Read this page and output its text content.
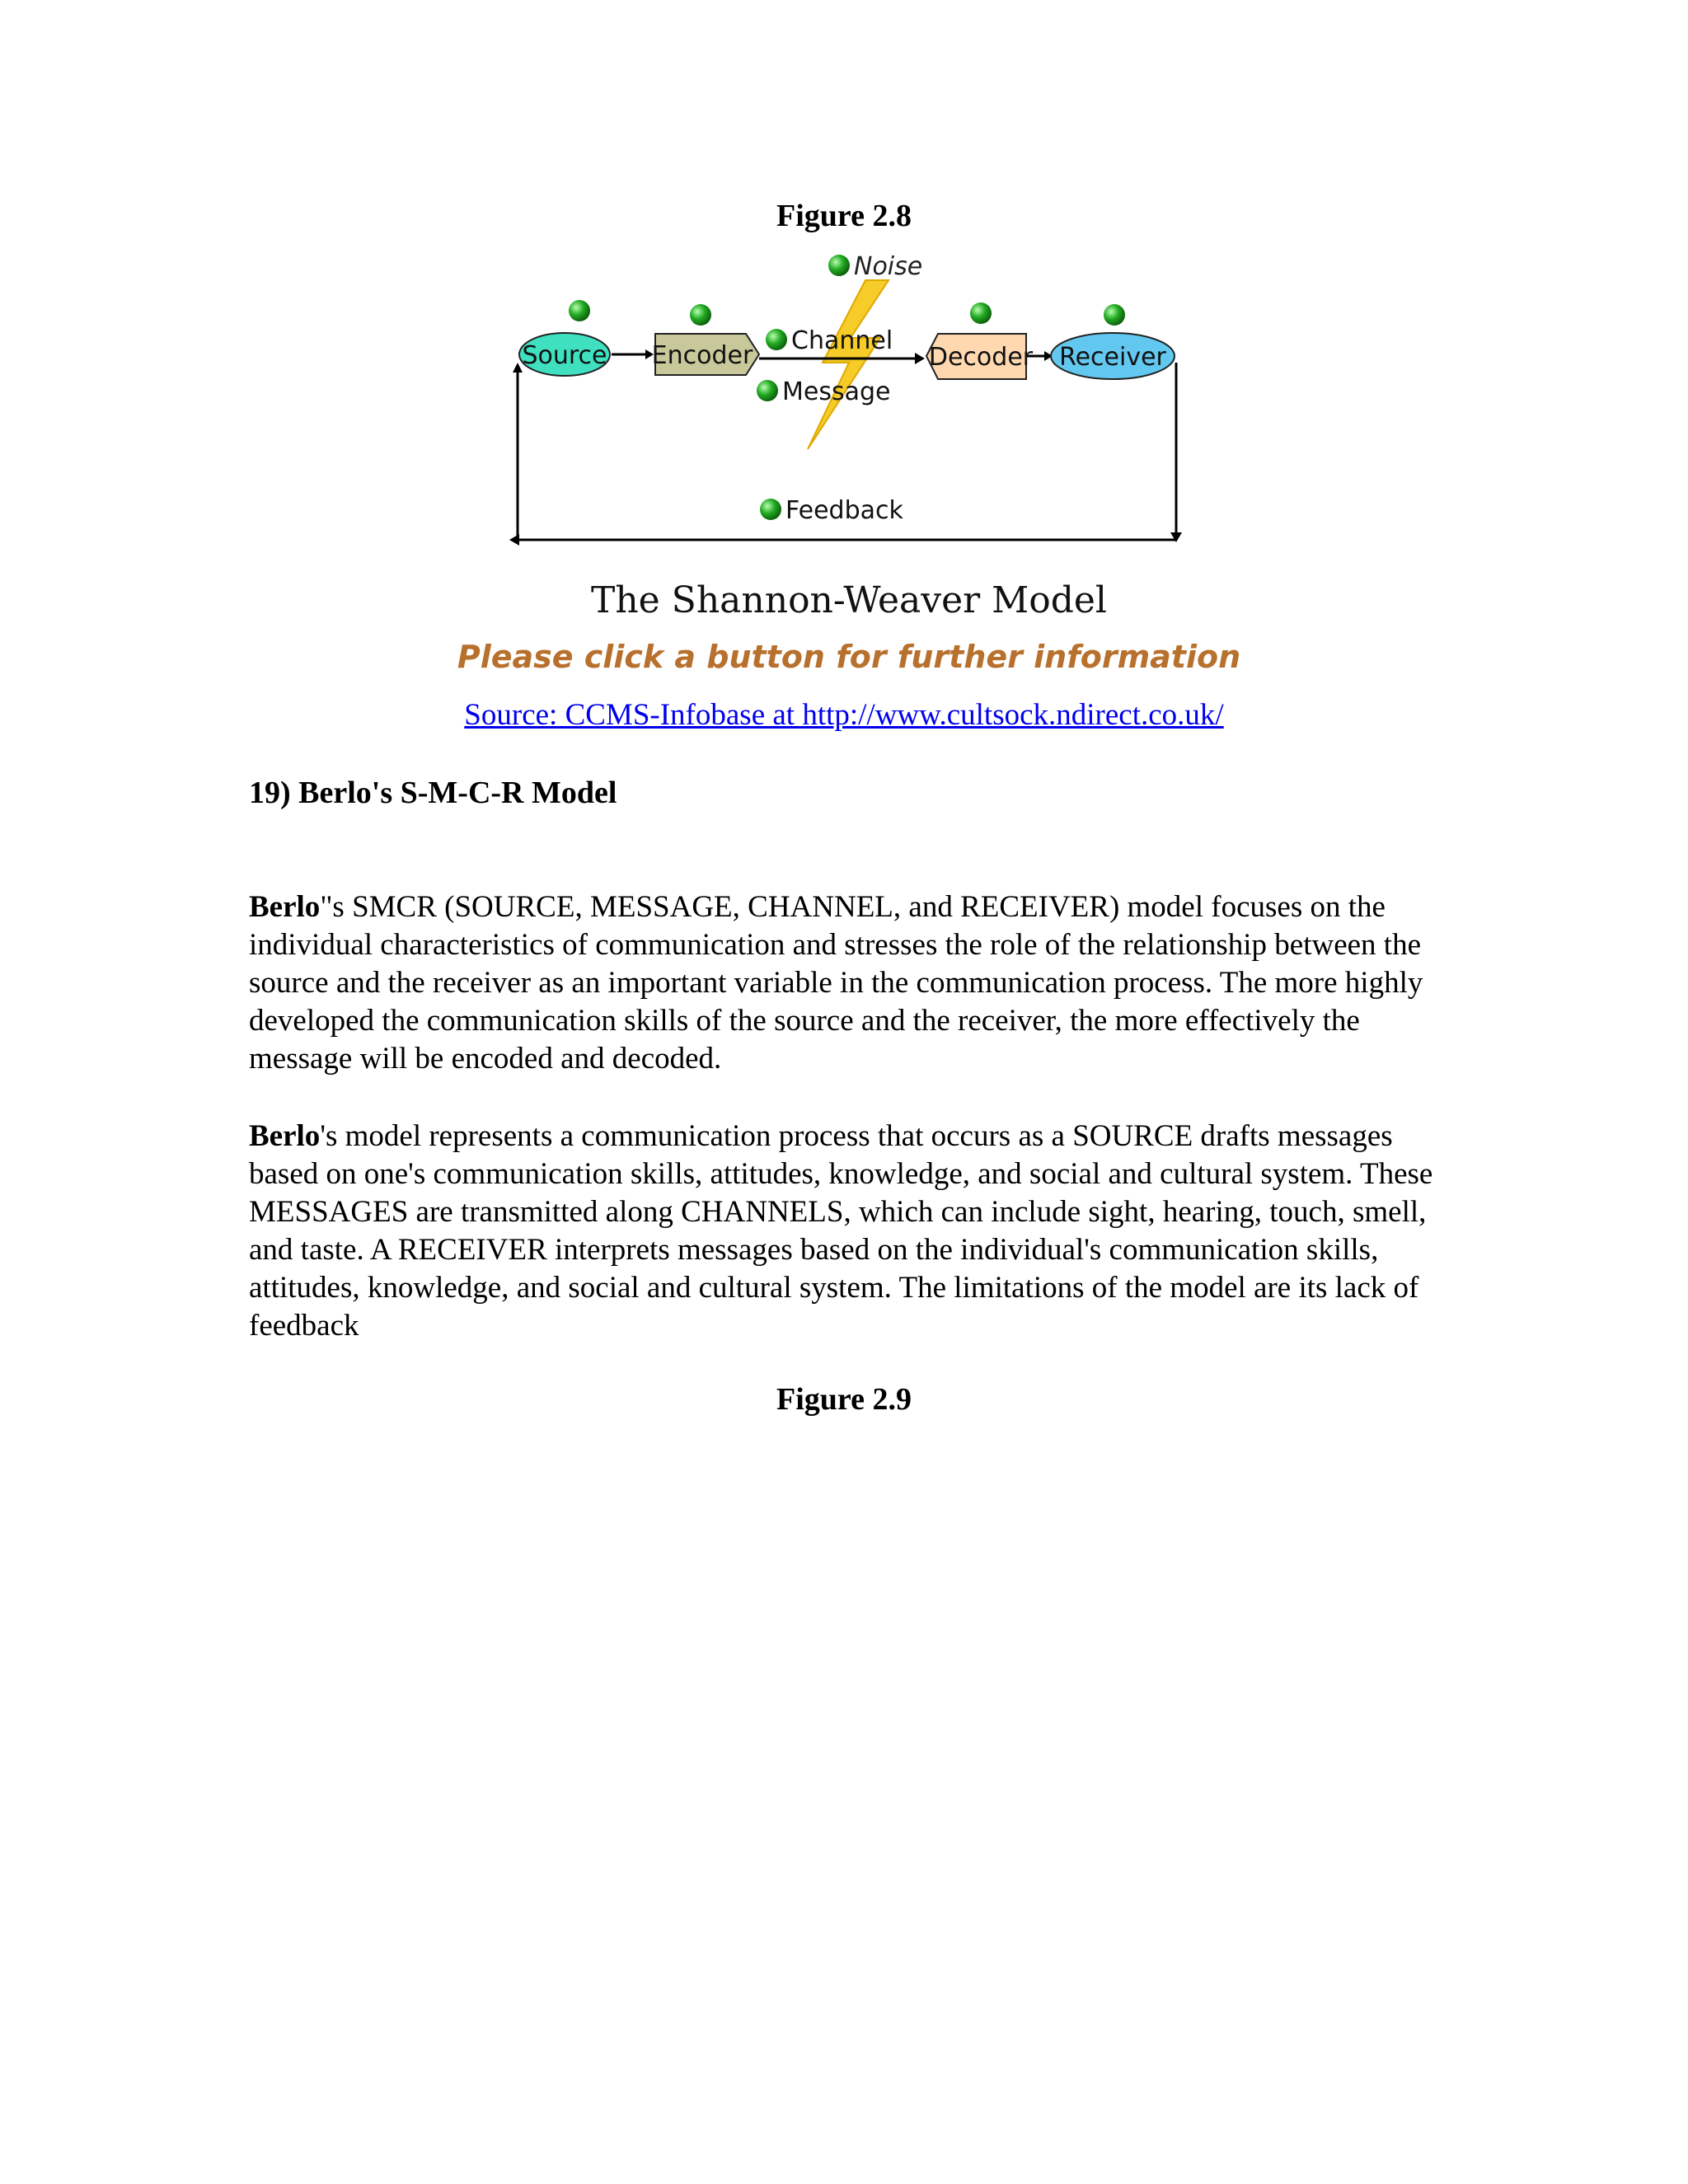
Figure 2.8
Source Encoder	Decoder Receiver
Noise
Channel
Message
Feedback
The Shannon-Weaver Model
Please click a button for further information
Source: CCMS-Infobase at http://www.cultsock.ndirect.co.uk/
19) Berlo's S-M-C-R Model

Berlo"s SMCR (SOURCE, MESSAGE, CHANNEL, and RECEIVER) model focuses on the individual characteristics of communication and stresses the role of the relationship between the source and the receiver as an important variable in the communication process. The more highly developed the communication skills of the source and the receiver, the more effectively the message will be encoded and decoded.

Berlo's model represents a communication process that occurs as a SOURCE drafts messages based on one's communication skills, attitudes, knowledge, and social and cultural system. These MESSAGES are transmitted along CHANNELS, which can include sight, hearing, touch, smell, and taste. A RECEIVER interprets messages based on the individual's communication skills, attitudes, knowledge, and social and cultural system. The limitations of the model are its lack of feedback

Figure 2.9
